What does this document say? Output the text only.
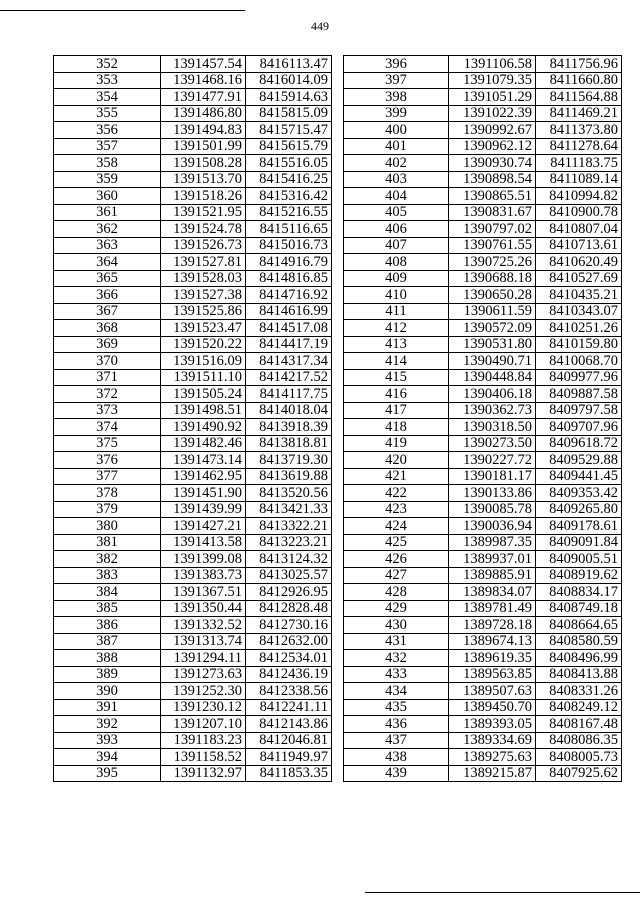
449
352	1391457.54	8416113.47
353	1391468.16	8416014.09
354	1391477.91	8415914.63
355	1391486.80	8415815.09
356	1391494.83	8415715.47
357	1391501.99	8415615.79
358	1391508.28	8415516.05
359	1391513.70	8415416.25
360	1391518.26	8415316.42
361	1391521.95	8415216.55
362	1391524.78	8415116.65
363	1391526.73	8415016.73
364	1391527.81	8414916.79
365	1391528.03	8414816.85
366	1391527.38	8414716.92
367	1391525.86	8414616.99
368	1391523.47	8414517.08
369	1391520.22	8414417.19
370	1391516.09	8414317.34
371	1391511.10	8414217.52
372	1391505.24	8414117.75
373	1391498.51	8414018.04
374	1391490.92	8413918.39
375	1391482.46	8413818.81
376	1391473.14	8413719.30
377	1391462.95	8413619.88
378	1391451.90	8413520.56
379	1391439.99	8413421.33
380	1391427.21	8413322.21
381	1391413.58	8413223.21
382	1391399.08	8413124.32
383	1391383.73	8413025.57
384	1391367.51	8412926.95
385	1391350.44	8412828.48
386	1391332.52	8412730.16
387	1391313.74	8412632.00
388	1391294.11	8412534.01
389	1391273.63	8412436.19
390	1391252.30	8412338.56
391	1391230.12	8412241.11
392	1391207.10	8412143.86
393	1391183.23	8412046.81
394	1391158.52	8411949.97
395	1391132.97	8411853.35
396	1391106.58	8411756.96
397	1391079.35	8411660.80
398	1391051.29	8411564.88
399	1391022.39	8411469.21
400	1390992.67	8411373.80
401	1390962.12	8411278.64
402	1390930.74	8411183.75
403	1390898.54	8411089.14
404	1390865.51	8410994.82
405	1390831.67	8410900.78
406	1390797.02	8410807.04
407	1390761.55	8410713.61
408	1390725.26	8410620.49
409	1390688.18	8410527.69
410	1390650.28	8410435.21
411	1390611.59	8410343.07
412	1390572.09	8410251.26
413	1390531.80	8410159.80
414	1390490.71	8410068.70
415	1390448.84	8409977.96
416	1390406.18	8409887.58
417	1390362.73	8409797.58
418	1390318.50	8409707.96
419	1390273.50	8409618.72
420	1390227.72	8409529.88
421	1390181.17	8409441.45
422	1390133.86	8409353.42
423	1390085.78	8409265.80
424	1390036.94	8409178.61
425	1389987.35	8409091.84
426	1389937.01	8409005.51
427	1389885.91	8408919.62
428	1389834.07	8408834.17
429	1389781.49	8408749.18
430	1389728.18	8408664.65
431	1389674.13	8408580.59
432	1389619.35	8408496.99
433	1389563.85	8408413.88
434	1389507.63	8408331.26
435	1389450.70	8408249.12
436	1389393.05	8408167.48
437	1389334.69	8408086.35
438	1389275.63	8408005.73
439	1389215.87	8407925.62
